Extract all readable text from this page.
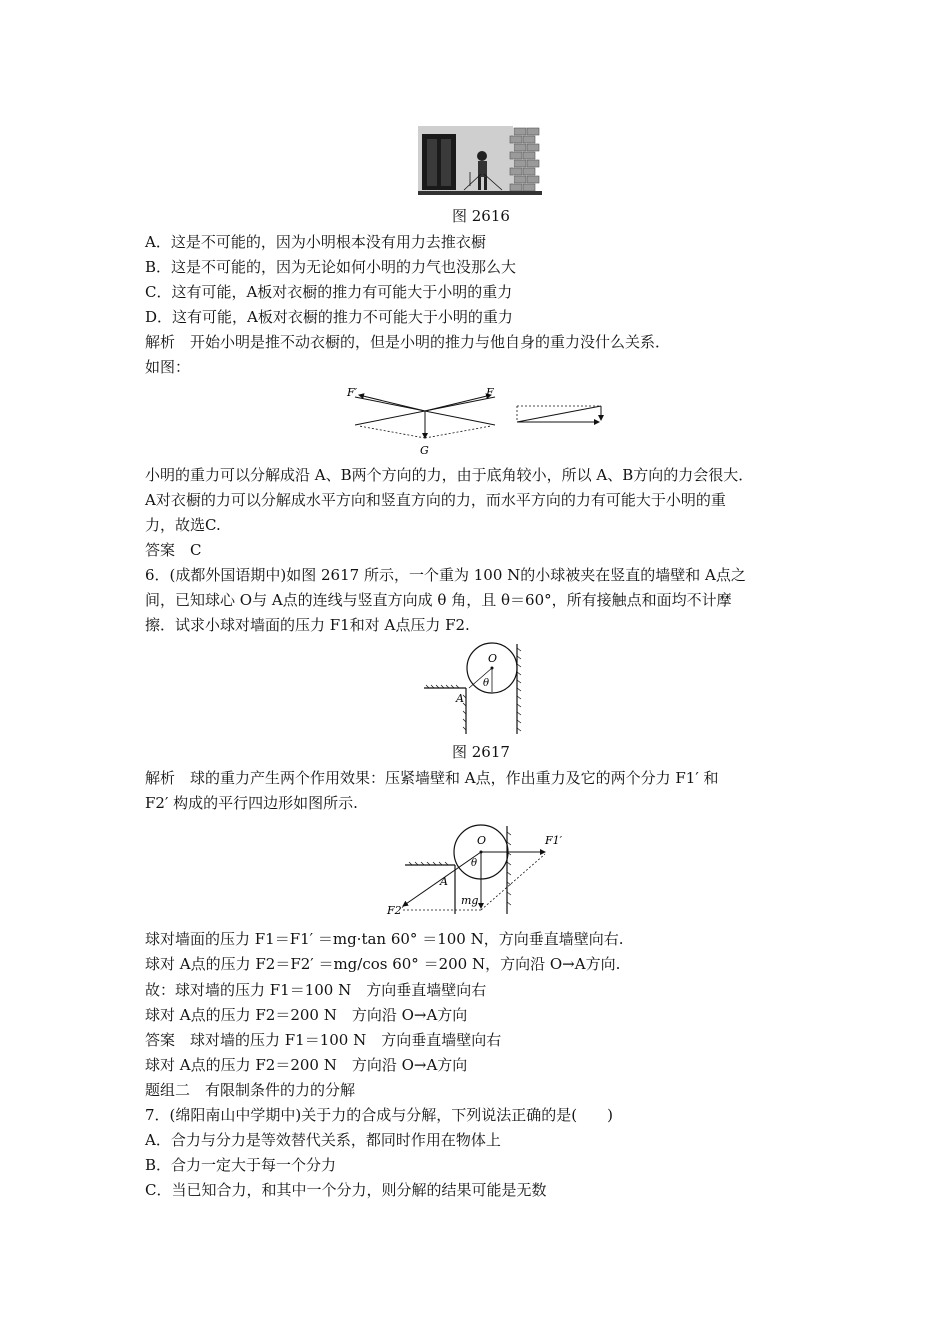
图 2616
A．这是不可能的，因为小明根本没有用力去推衣橱
B．这是不可能的，因为无论如何小明的力气也没那么大
C．这有可能，A板对衣橱的推力有可能大于小明的重力
D．这有可能，A板对衣橱的推力不可能大于小明的重力
解析　开始小明是推不动衣橱的，但是小明的推力与他自身的重力没什么关系．
如图：
F′	F
G
小明的重力可以分解成沿 A、B两个方向的力，由于底角较小，所以 A、B方向的力会很大．
A对衣橱的力可以分解成水平方向和竖直方向的力，而水平方向的力有可能大于小明的重
力，故选C.
答案　C
6．(成都外国语期中)如图 2617 所示，一个重为 100 N的小球被夹在竖直的墙壁和 A点之
间，已知球心 O与 A点的连线与竖直方向成 θ 角，且 θ＝60°，所有接触点和面均不计摩
擦．试求小球对墙面的压力 F1和对 A点压力 F2.
O
θ
A
图 2617
解析　球的重力产生两个作用效果：压紧墙壁和 A点，作出重力及它的两个分力 F1′ 和
F2′ 构成的平行四边形如图所示.
O	F1′
θ
A
F2′
mg
球对墙面的压力 F1＝F1′ ＝mg·tan 60° ＝100 N，方向垂直墙壁向右.
球对 A点的压力 F2＝F2′ ＝mg/cos 60° ＝200 N，方向沿 O→A方向.
故：球对墙的压力 F1＝100 N　方向垂直墙壁向右
球对 A点的压力 F2＝200 N　方向沿 O→A方向
答案　球对墙的压力 F1＝100 N　方向垂直墙壁向右
球对 A点的压力 F2＝200 N　方向沿 O→A方向
题组二　有限制条件的力的分解
7．(绵阳南山中学期中)关于力的合成与分解，下列说法正确的是(　　)
A．合力与分力是等效替代关系，都同时作用在物体上
B．合力一定大于每一个分力
C．当已知合力，和其中一个分力，则分解的结果可能是无数
